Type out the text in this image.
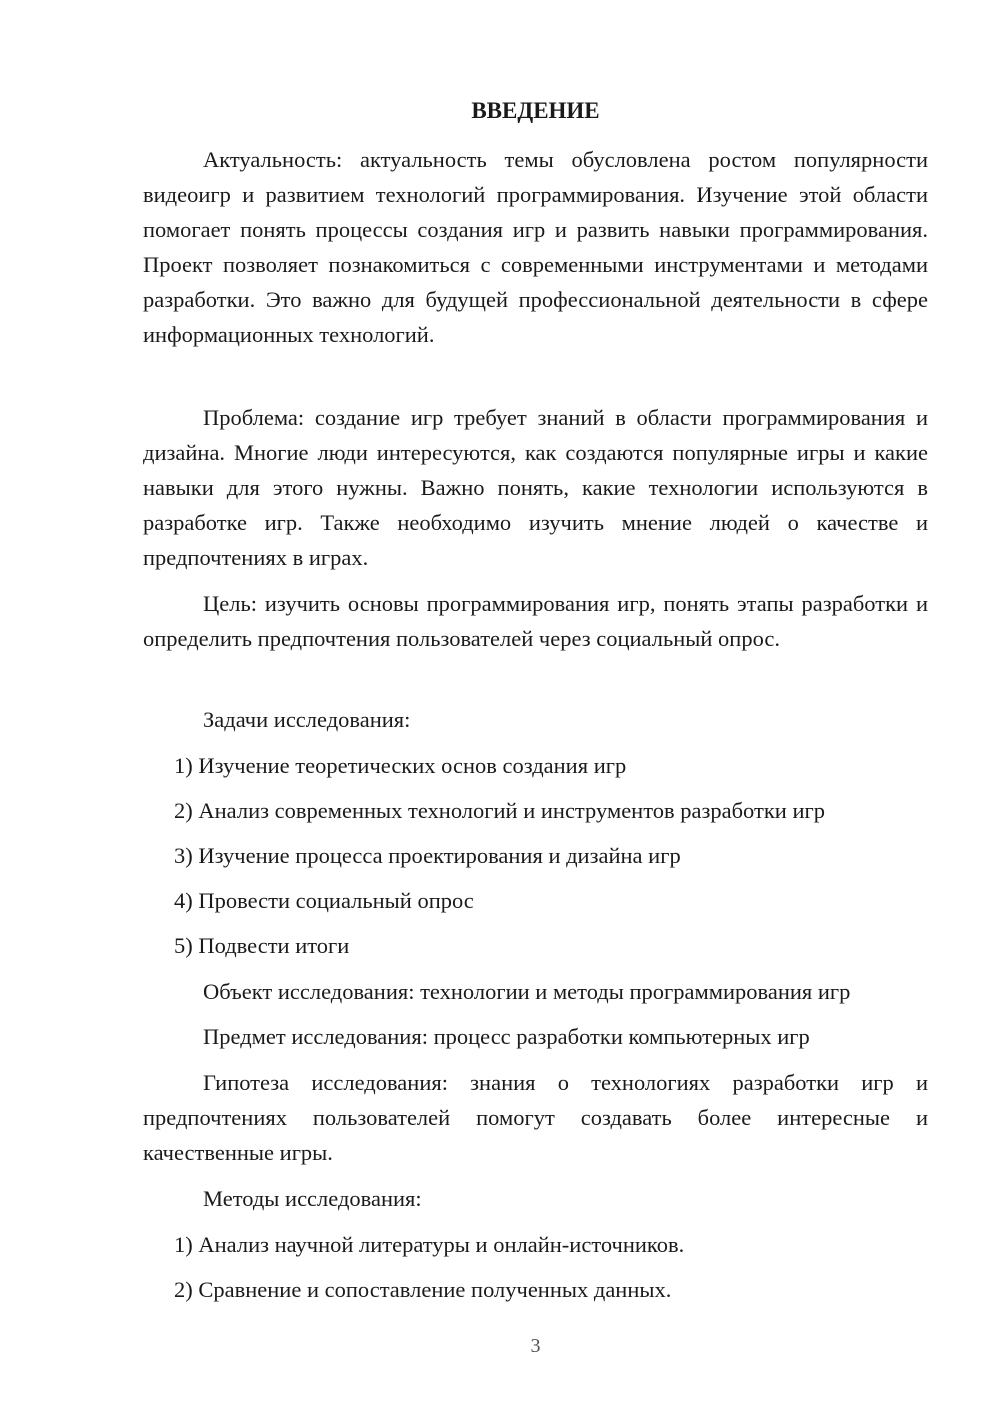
ВВЕДЕНИЕ

Актуальность: актуальность темы обусловлена ростом популярности видеоигр и развитием технологий программирования. Изучение этой области помогает понять процессы создания игр и развить навыки программирования. Проект позволяет познакомиться с современными инструментами и методами разработки. Это важно для будущей профессиональной деятельности в сфере информационных технологий.

Проблема: создание игр требует знаний в области программирования и дизайна. Многие люди интересуются, как создаются популярные игры и какие навыки для этого нужны. Важно понять, какие технологии используются в разработке игр. Также необходимо изучить мнение людей о качестве и предпочтениях в играх.

Цель: изучить основы программирования игр, понять этапы разработки и определить предпочтения пользователей через социальный опрос.

Задачи исследования:

1) Изучение теоретических основ создания игр

2) Анализ современных технологий и инструментов разработки игр

3) Изучение процесса проектирования и дизайна игр

4) Провести социальный опрос

5) Подвести итоги

Объект исследования: технологии и методы программирования игр

Предмет исследования: процесс разработки компьютерных игр

Гипотеза исследования: знания о технологиях разработки игр и предпочтениях пользователей помогут создавать более интересные и качественные игры.

Методы исследования:

1) Анализ научной литературы и онлайн-источников.

2) Сравнение и сопоставление полученных данных.

3
